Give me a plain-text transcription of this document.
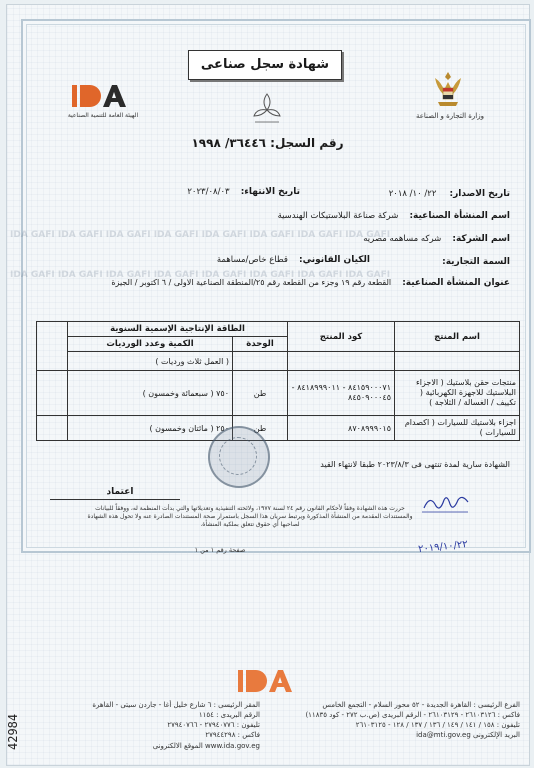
IDA GAFI IDA GAFI IDA GAFI IDA GAFI IDA GAFI IDA GAFI IDA GAFI IDA GAFI
IDA GAFI IDA GAFI IDA GAFI IDA GAFI IDA GAFI IDA GAFI IDA GAFI IDA GAFI
شهادة سجل صناعى
الهيئة العامة للتنمية الصناعية	وزارة التجارة و الصناعة
رقم السجل: ٣٦٤٤٦/ ١٩٩٨
تاريخ الاصدار: ٢٢/ ١٠/ ٢٠١٨
تاريخ الانتهاء: ٢٠٢٣/٠٨/٠٣
اسم المنشأة الصناعية: شركة صناعة البلاستيكات الهندسية
اسم الشركة: شركه مساهمه مصريه
السمة التجارية:
الكيان القانوني: قطاع خاص/مساهمة
عنوان المنشأة الصناعية: القطعة رقم ١٩ وجزء من القطعة رقم ٢٥/المنطقة الصناعية الاولى / ٦ اكتوبر / الجيزة
اسم المنتج	كود المنتج	الطاقة الإنتاجية الإسمية السنوية		
		الوحدة	الكمية وعدد الورديات	
			( العمل ثلاث ورديات )	
منتجات حقن بلاستيك ( الاجزاء البلاستيك للاجهزة الكهربائية ( تكييف / الغسالة / الثلاجة )	٨٤١٥٩٠٠٠٧١ - ٨٤١٨٩٩٩٠١١ - ٨٤٥٠٩٠٠٠٤٥	طن	٧٥٠ ( سبعمائة وخمسون )	
اجزاء بلاستيك للسيارات ( اكصدام للسيارات )	٨٧٠٨٩٩٩٠١٥	طن	٢٥٠ ( مائتان وخمسون )	
الشهادة سارية لمدة تنتهى فى ٢٠٢٣/٨/٣ طبقا لانتهاء القيد
اعتماد
حررت هذه الشهادة وفقاً لأحكام القانون رقم ٢٤ لسنة ١٩٧٧، ولائحته التنفيذية وتعديلاتها والتي بدأت المنظمة له، ووفقاً للبيانات والمستندات المقدمة من المنشأة المذكورة ويرتبط سريان هذا السجل باستمرار صحة المستندات الصادرة عنه ولا تحول هذه الشهادة لصاحبها أي حقوق تتعلق بملكية المنشأة.
صفحة رقم ١ من ١	٢٠١٩/١٠/٢٢
42984
الفرع الرئيسى : القاهرة الجديدة - ٥٢ محور السلام - التجمع الخامس
فاكس : ٢٦١٠٣١٢٦ - ٢٦١٠٣١٢٩ - الرقم البريدى (ص.ب ٢٧٢ - كود ١١٨٣٥)
تليفون : ١٥٨ / ١٤١ / ١٤٩ / ١٣٦ / ١٣٧ / ١٢٨ - ٢٦١٠٣١٢٥
البريد الإلكترونى ida@mti.gov.eg
المقر الرئيسى : ٦ شارع خليل أغا - جاردن سيتى - القاهرة
الرقم البريدى : ١١٥٤
تليفون : ٢٧٩٤٠٧٧٦ - ٢٧٩٤٠٧٦٦
فاكس : ٢٧٩٤٤٢٩٨
www.ida.gov.eg الموقع الالكترونى
